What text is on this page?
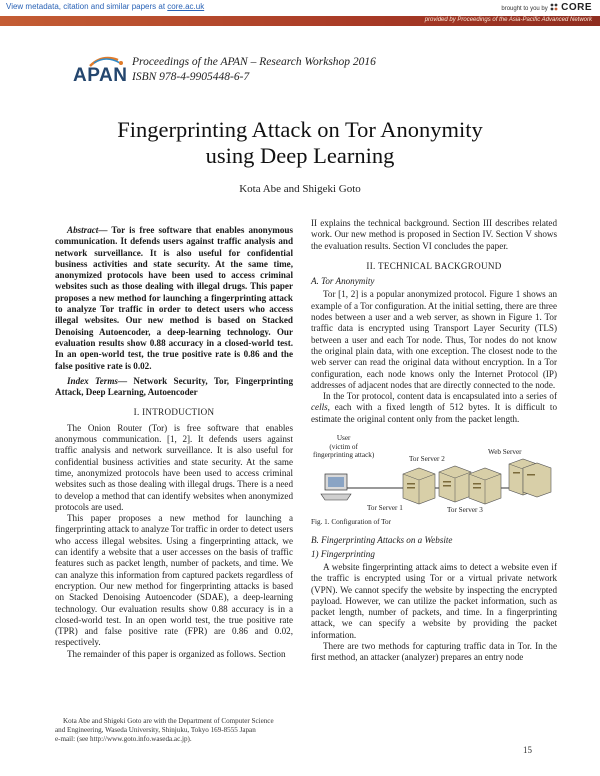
View metadata, citation and similar papers at core.ac.uk	brought to you by  CORE
provided by Proceedings of the Asia-Pacific Advanced Network
APAN
Proceedings of the APAN – Research Workshop 2016
ISBN 978-4-9905448-6-7
Fingerprinting Attack on Tor Anonymity
using Deep Learning
Kota Abe and Shigeki Goto

Abstract— Tor is free software that enables anonymous communication. It defends users against traffic analysis and network surveillance. It is also useful for confidential business activities and state security. At the same time, anonymized protocols have been used to access criminal websites such as those dealing with illegal drugs. This paper proposes a new method for launching a fingerprinting attack to analyze Tor traffic in order to detect users who access illegal websites. Our new method is based on Stacked Denoising Autoencoder, a deep-learning technology. Our evaluation results show 0.88 accuracy in a closed-world test. In an open-world test, the true positive rate is 0.86 and the false positive rate is 0.02.

Index Terms— Network Security, Tor, Fingerprinting Attack, Deep Learning, Autoencoder

I. INTRODUCTION

The Onion Router (Tor) is free software that enables anonymous communication. [1, 2]. It defends users against traffic analysis and network surveillance. It is also useful for confidential business activities and state security. At the same time, anonymized protocols have been used to access criminal websites such as those dealing with illegal drugs. There is a need to develop a method that can identify websites when anonymized protocols are used.

This paper proposes a new method for launching a fingerprinting attack to analyze Tor traffic in order to detect users who access illegal websites. Using a fingerprinting attack, we can identify a website that a user accesses on the basis of traffic features such as packet length, number of packets, and time. We can analyze this information from captured packets regardless of encryption. Our new method for fingerprinting attacks is based on Stacked Denoising Autoencoder (SDAE), a deep-learning technology. Our evaluation results show 0.88 accuracy is in a closed-world test. In an open world test, the true positive rate (TPR) and false positive rate (FPR) are 0.86 and 0.02, respectively.

The remainder of this paper is organized as follows. Section

II explains the technical background. Section III describes related work. Our new method is proposed in Section IV. Section V shows the evaluation results. Section VI concludes the paper.

II. TECHNICAL BACKGROUND
A. Tor Anonymity

Tor [1, 2] is a popular anonymized protocol. Figure 1 shows an example of a Tor configuration. At the initial setting, there are three nodes between a user and a web server, as shown in Figure 1. Tor traffic data is encrypted using Transport Layer Security (TLS) between a user and each Tor node. Thus, Tor nodes do not know the original plain data, with one exception. The closest node to the web server can read the original data without encryption. In a Tor configuration, each node knows only the Internet Protocol (IP) addresses of adjacent nodes that are directly connected to the node.

In the Tor protocol, content data is encapsulated into a series of cells, each with a fixed length of 512 bytes. It is difficult to estimate the original content only from the packet length.

User
(victim of
fingerprinting attack)	Tor Server 2
Web Server
Tor Server 1	Tor Server 3
Fig. 1. Configuration of Tor
B. Fingerprinting Attacks on a Website
1) Fingerprinting

A website fingerprinting attack aims to detect a website even if the traffic is encrypted using Tor or a virtual private network (VPN). We cannot specify the website by inspecting the encrypted payload. However, we can utilize the packet information, such as packet length, number of packets, and time. In a fingerprinting attack, we can specify a website by providing the packet information.

There are two methods for capturing traffic data in Tor. In the first method, an attacker (analyzer) prepares an entry node

Kota Abe and Shigeki Goto are with the Department of Computer Science
and Engineering, Waseda University, Shinjuku, Tokyo 169-8555 Japan
e-mail: (see http://www.goto.info.waseda.ac.jp).
15
